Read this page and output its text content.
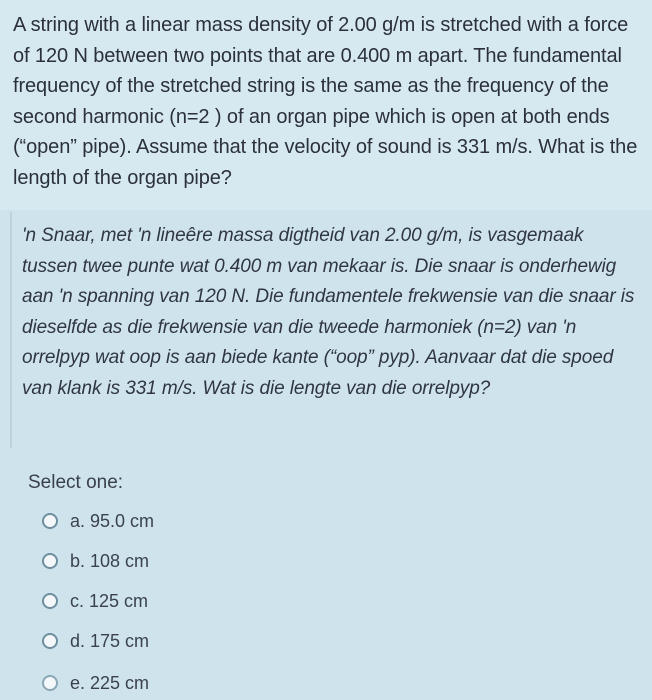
A string with a linear mass density of 2.00 g/m is stretched with a force of 120 N between two points that are 0.400 m apart. The fundamental frequency of the stretched string is the same as the frequency of the second harmonic (n=2 ) of an organ pipe which is open at both ends (“open” pipe). Assume that the velocity of sound is 331 m/s. What is the length of the organ pipe?

'n Snaar, met 'n lineêre massa digtheid van 2.00 g/m, is vasgemaak tussen twee punte wat 0.400 m van mekaar is. Die snaar is onderhewig aan 'n spanning van 120 N. Die fundamentele frekwensie van die snaar is dieselfde as die frekwensie van die tweede harmoniek (n=2) van 'n orrelpyp wat oop is aan biede kante (“oop” pyp). Aanvaar dat die spoed van klank is 331 m/s. Wat is die lengte van die orrelpyp?

Select one:
a. 95.0 cm
b. 108 cm
c. 125 cm
d. 175 cm
e. 225 cm
